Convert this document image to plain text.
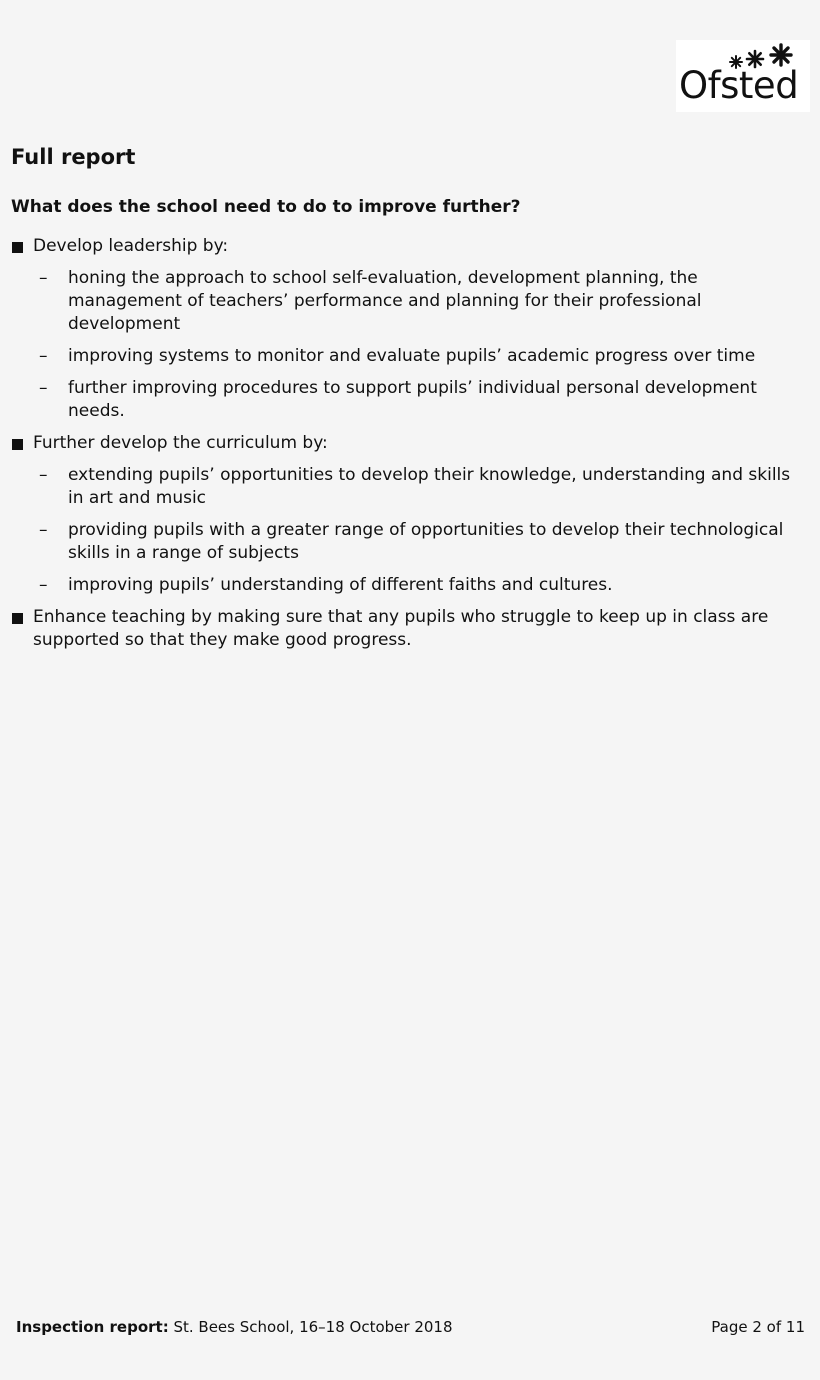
Ofsted
Full report
What does the school need to do to improve further?
Develop leadership by:
– honing the approach to school self-evaluation, development planning, the management of teachers’ performance and planning for their professional development
– improving systems to monitor and evaluate pupils’ academic progress over time
– further improving procedures to support pupils’ individual personal development needs.
Further develop the curriculum by:
– extending pupils’ opportunities to develop their knowledge, understanding and skills in art and music
– providing pupils with a greater range of opportunities to develop their technological skills in a range of subjects
– improving pupils’ understanding of different faiths and cultures.
Enhance teaching by making sure that any pupils who struggle to keep up in class are supported so that they make good progress.
Inspection report: St. Bees School, 16–18 October 2018	Page 2 of 11
